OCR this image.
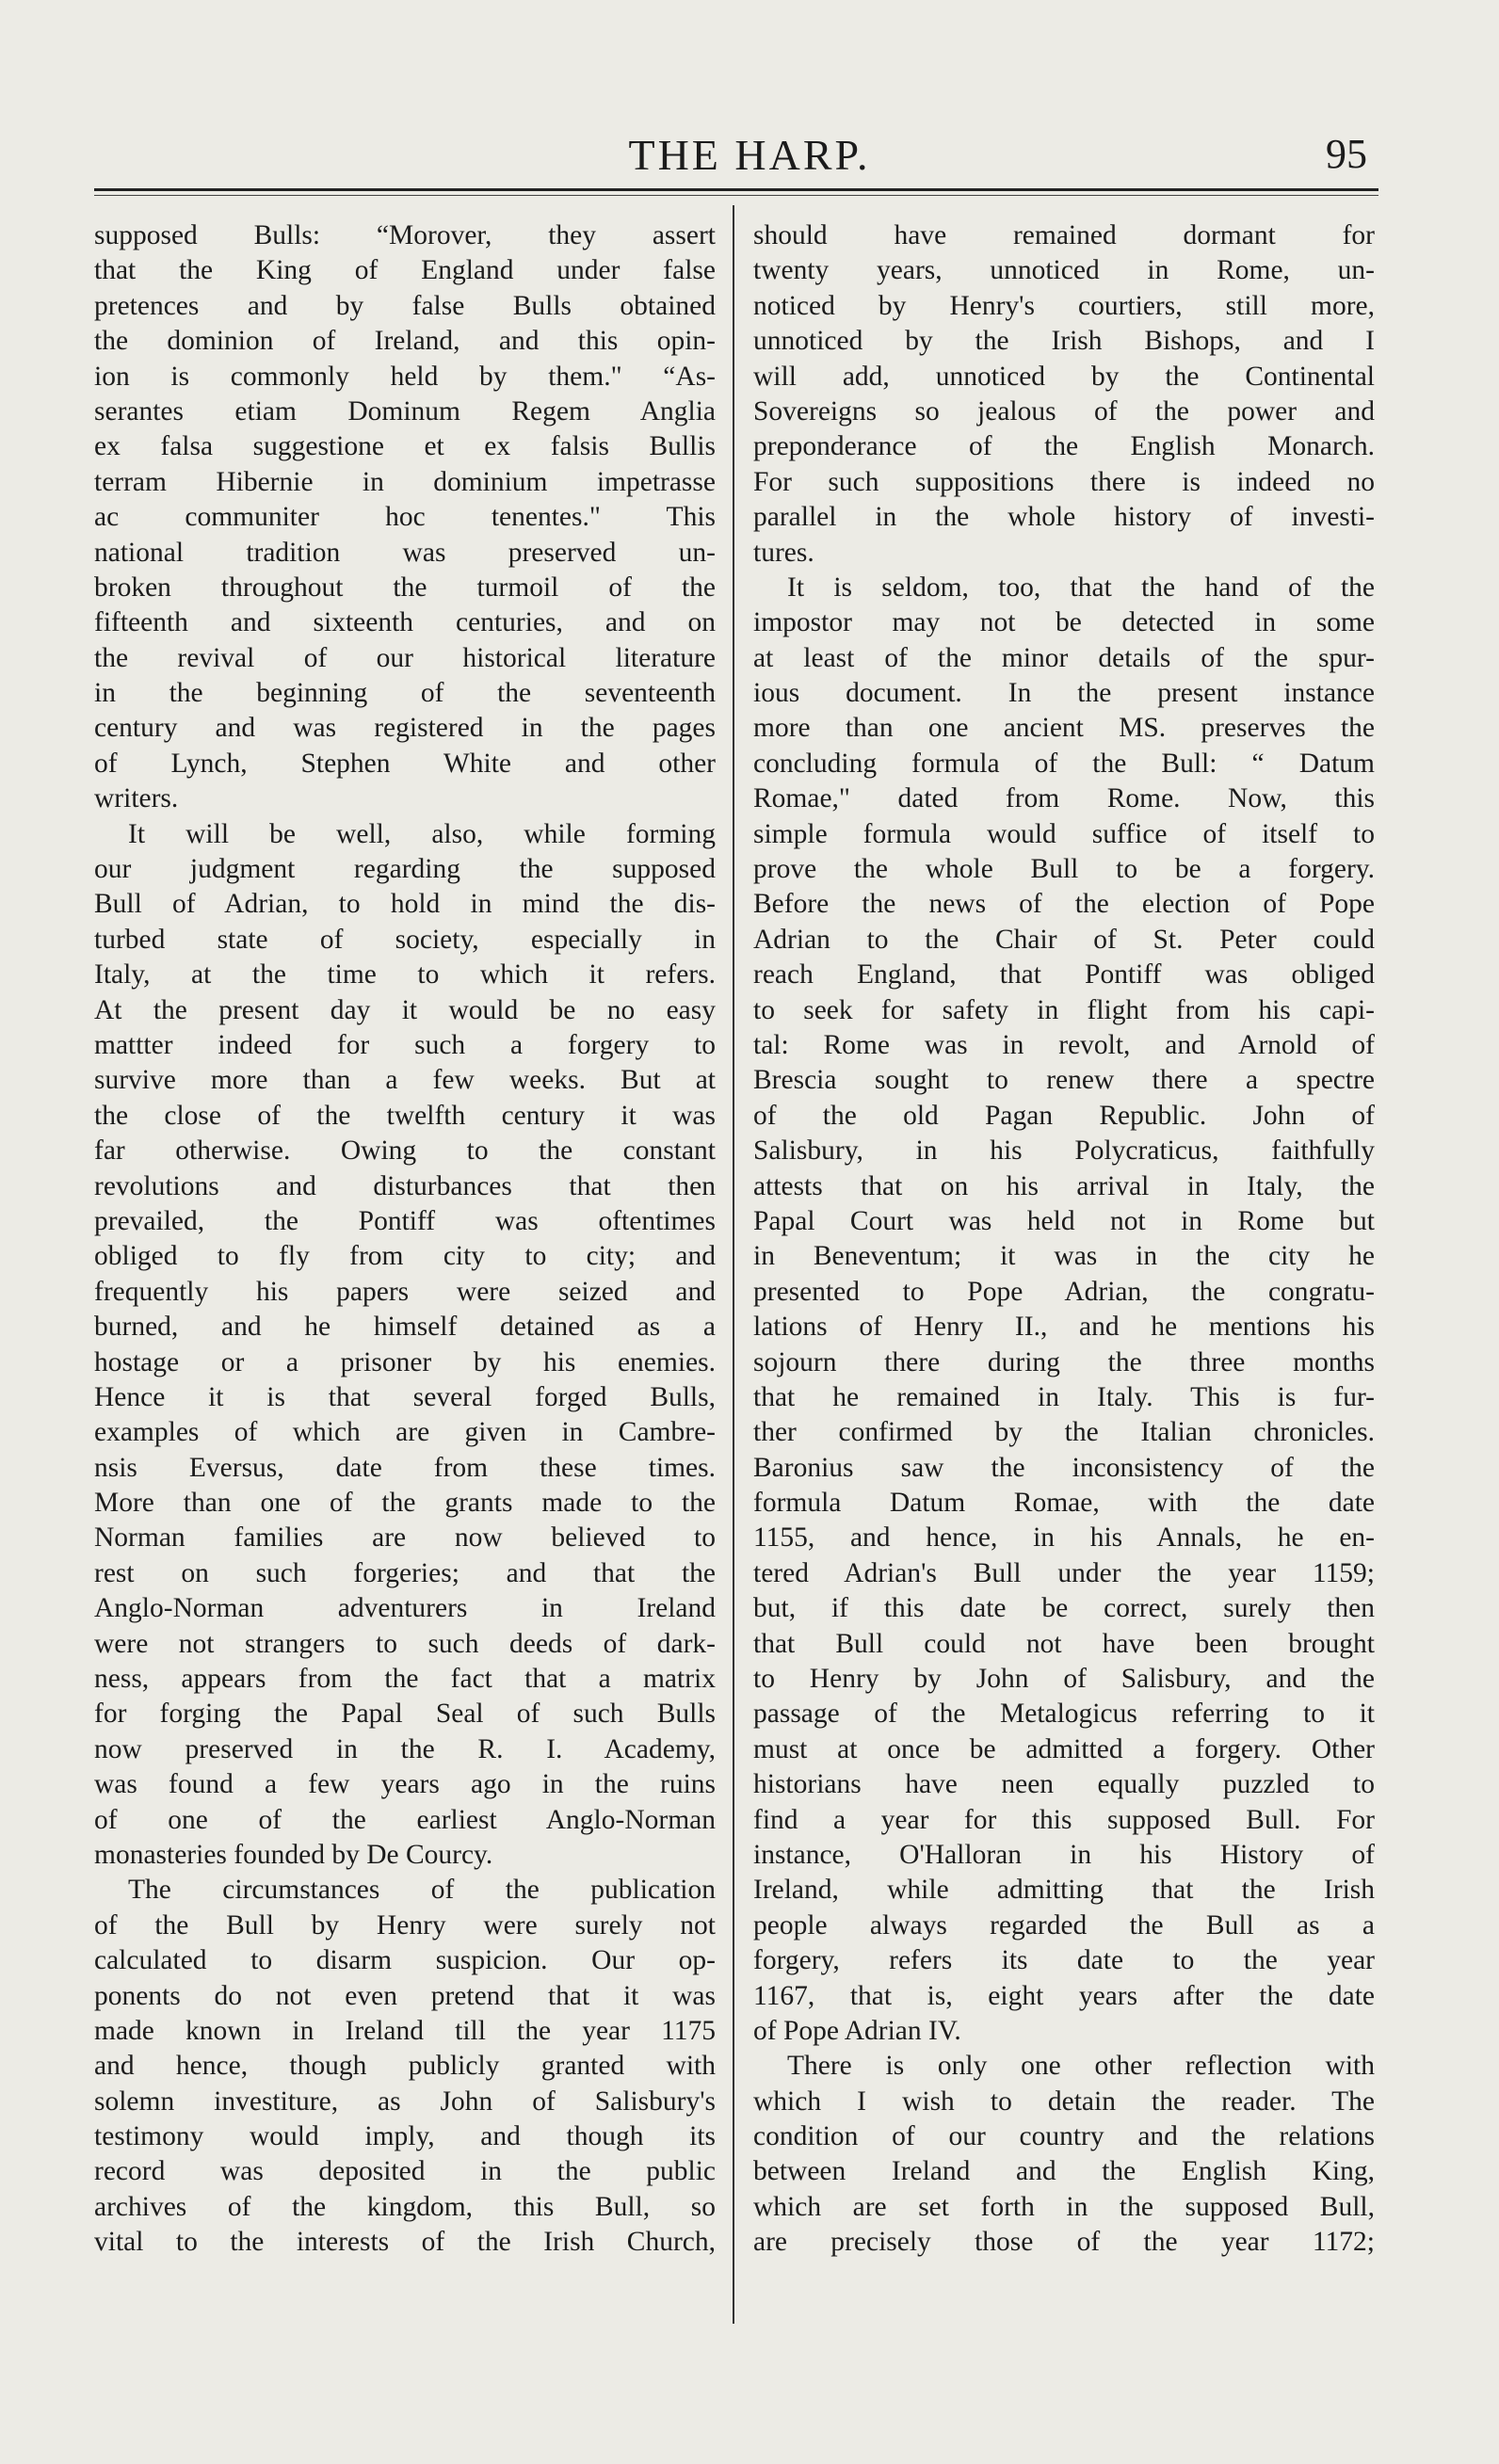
THE HARP.	95
supposed Bulls: “Morover, they assert
that the King of England under false
pretences and by false Bulls obtained
the dominion of Ireland, and this opin-
ion is commonly held by them." “As-
serantes etiam Dominum Regem Anglia
ex falsa suggestione et ex falsis Bullis
terram Hibernie in dominium impetrasse
ac communiter hoc tenentes." This
national tradition was preserved un-
broken throughout the turmoil of the
fifteenth and sixteenth centuries, and on
the revival of our historical literature
in the beginning of the seventeenth
century and was registered in the pages
of Lynch, Stephen White and other
writers.
It will be well, also, while forming
our judgment regarding the supposed
Bull of Adrian, to hold in mind the dis-
turbed state of society, especially in
Italy, at the time to which it refers.
At the present day it would be no easy
mattter indeed for such a forgery to
survive more than a few weeks. But at
the close of the twelfth century it was
far otherwise. Owing to the constant
revolutions and disturbances that then
prevailed, the Pontiff was oftentimes
obliged to fly from city to city; and
frequently his papers were seized and
burned, and he himself detained as a
hostage or a prisoner by his enemies.
Hence it is that several forged Bulls,
examples of which are given in Cambre-
nsis Eversus, date from these times.
More than one of the grants made to the
Norman families are now believed to
rest on such forgeries; and that the
Anglo-Norman adventurers in Ireland
were not strangers to such deeds of dark-
ness, appears from the fact that a matrix
for forging the Papal Seal of such Bulls
now preserved in the R. I. Academy,
was found a few years ago in the ruins
of one of the earliest Anglo-Norman
monasteries founded by De Courcy.
The circumstances of the publication
of the Bull by Henry were surely not
calculated to disarm suspicion. Our op-
ponents do not even pretend that it was
made known in Ireland till the year 1175
and hence, though publicly granted with
solemn investiture, as John of Salisbury's
testimony would imply, and though its
record was deposited in the public
archives of the kingdom, this Bull, so
vital to the interests of the Irish Church,
should have remained dormant for
twenty years, unnoticed in Rome, un-
noticed by Henry's courtiers, still more,
unnoticed by the Irish Bishops, and I
will add, unnoticed by the Continental
Sovereigns so jealous of the power and
preponderance of the English Monarch.
For such suppositions there is indeed no
parallel in the whole history of investi-
tures.
It is seldom, too, that the hand of the
impostor may not be detected in some
at least of the minor details of the spur-
ious document. In the present instance
more than one ancient MS. preserves the
concluding formula of the Bull: “ Datum
Romae," dated from Rome. Now, this
simple formula would suffice of itself to
prove the whole Bull to be a forgery.
Before the news of the election of Pope
Adrian to the Chair of St. Peter could
reach England, that Pontiff was obliged
to seek for safety in flight from his capi-
tal: Rome was in revolt, and Arnold of
Brescia sought to renew there a spectre
of the old Pagan Republic. John of
Salisbury, in his Polycraticus, faithfully
attests that on his arrival in Italy, the
Papal Court was held not in Rome but
in Beneventum; it was in the city he
presented to Pope Adrian, the congratu-
lations of Henry II., and he mentions his
sojourn there during the three months
that he remained in Italy. This is fur-
ther confirmed by the Italian chronicles.
Baronius saw the inconsistency of the
formula Datum Romae, with the date
1155, and hence, in his Annals, he en-
tered Adrian's Bull under the year 1159;
but, if this date be correct, surely then
that Bull could not have been brought
to Henry by John of Salisbury, and the
passage of the Metalogicus referring to it
must at once be admitted a forgery. Other
historians have neen equally puzzled to
find a year for this supposed Bull. For
instance, O'Halloran in his History of
Ireland, while admitting that the Irish
people always regarded the Bull as a
forgery, refers its date to the year
1167, that is, eight years after the date
of Pope Adrian IV.
There is only one other reflection with
which I wish to detain the reader. The
condition of our country and the relations
between Ireland and the English King,
which are set forth in the supposed Bull,
are precisely those of the year 1172;
